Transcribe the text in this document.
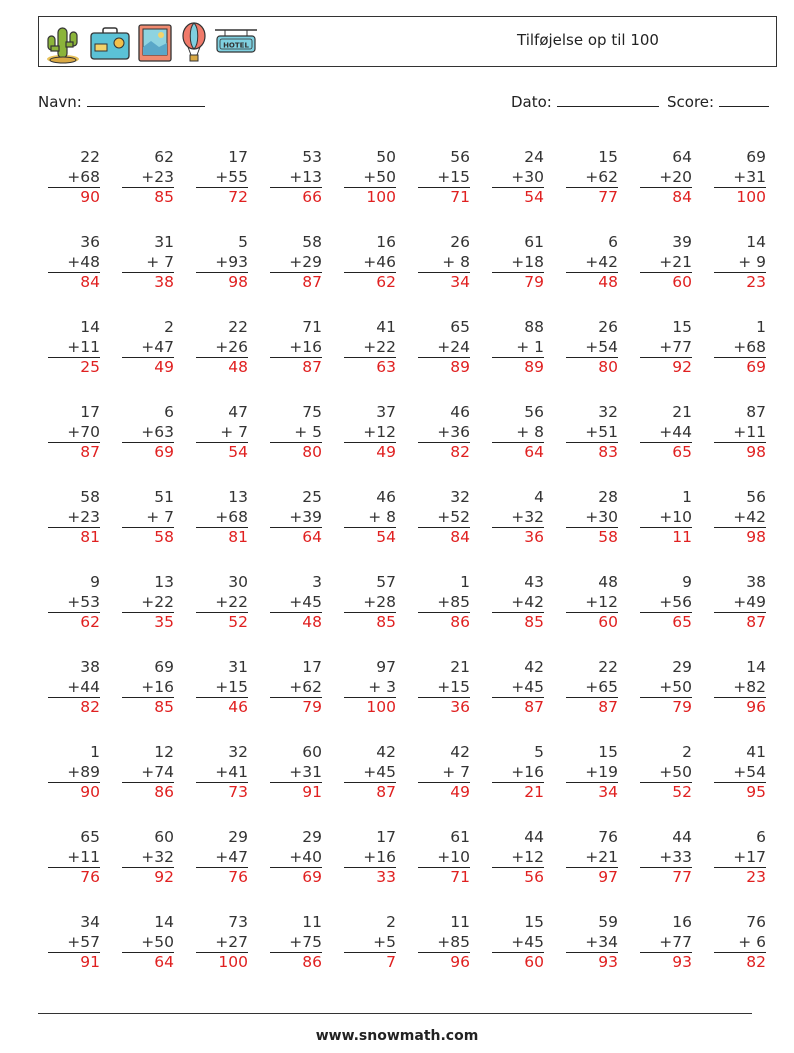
HOTEL	Tilføjelse op til 100
Navn:	Dato:	Score:
22
+68
90
62
+23
85
17
+55
72
53
+13
66
50
+50
100
56
+15
71
24
+30
54
15
+62
77
64
+20
84
69
+31
100
36
+48
84
31
+ 7
38
5
+93
98
58
+29
87
16
+46
62
26
+ 8
34
61
+18
79
6
+42
48
39
+21
60
14
+ 9
23
14
+11
25
2
+47
49
22
+26
48
71
+16
87
41
+22
63
65
+24
89
88
+ 1
89
26
+54
80
15
+77
92
1
+68
69
17
+70
87
6
+63
69
47
+ 7
54
75
+ 5
80
37
+12
49
46
+36
82
56
+ 8
64
32
+51
83
21
+44
65
87
+11
98
58
+23
81
51
+ 7
58
13
+68
81
25
+39
64
46
+ 8
54
32
+52
84
4
+32
36
28
+30
58
1
+10
11
56
+42
98
9
+53
62
13
+22
35
30
+22
52
3
+45
48
57
+28
85
1
+85
86
43
+42
85
48
+12
60
9
+56
65
38
+49
87
38
+44
82
69
+16
85
31
+15
46
17
+62
79
97
+ 3
100
21
+15
36
42
+45
87
22
+65
87
29
+50
79
14
+82
96
1
+89
90
12
+74
86
32
+41
73
60
+31
91
42
+45
87
42
+ 7
49
5
+16
21
15
+19
34
2
+50
52
41
+54
95
65
+11
76
60
+32
92
29
+47
76
29
+40
69
17
+16
33
61
+10
71
44
+12
56
76
+21
97
44
+33
77
6
+17
23
34
+57
91
14
+50
64
73
+27
100
11
+75
86
2
+5
7
11
+85
96
15
+45
60
59
+34
93
16
+77
93
76
+ 6
82
www.snowmath.com
